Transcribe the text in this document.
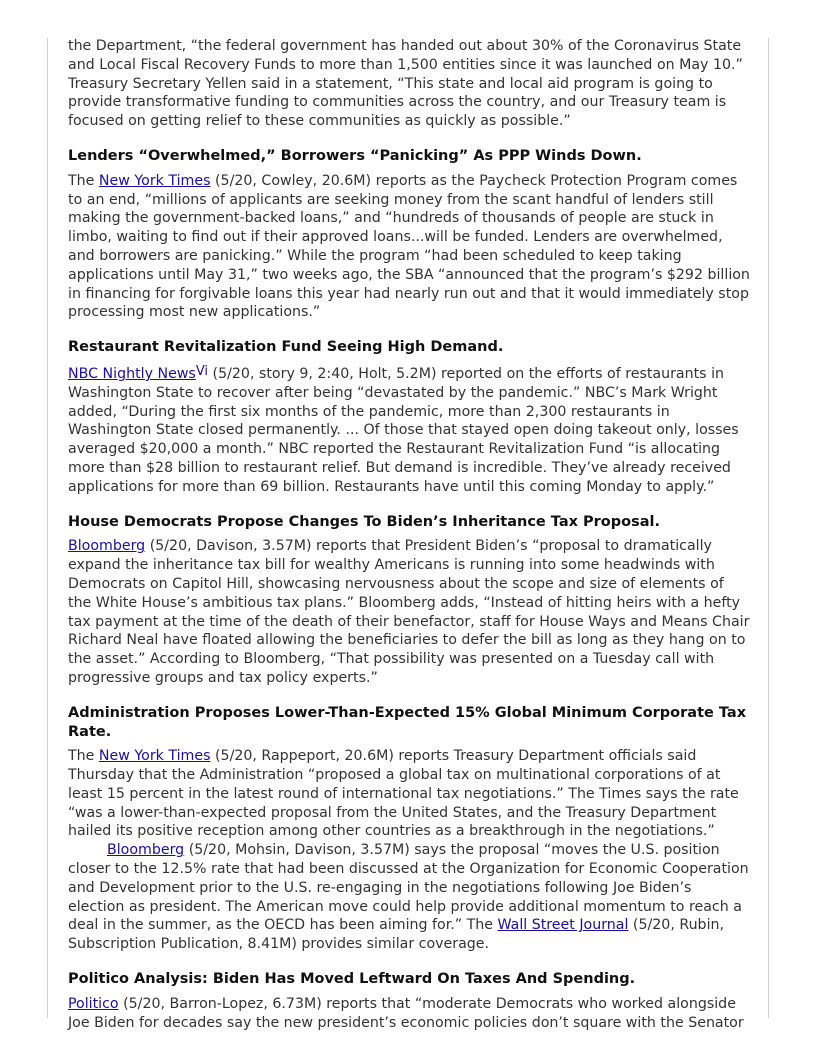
the Department, “the federal government has handed out about 30% of the Coronavirus State and Local Fiscal Recovery Funds to more than 1,500 entities since it was launched on May 10.” Treasury Secretary Yellen said in a statement, “This state and local aid program is going to provide transformative funding to communities across the country, and our Treasury team is focused on getting relief to these communities as quickly as possible.”

Lenders “Overwhelmed,” Borrowers “Panicking” As PPP Winds Down.

The New York Times (5/20, Cowley, 20.6M) reports as the Paycheck Protection Program comes to an end, “millions of applicants are seeking money from the scant handful of lenders still making the government-backed loans,” and “hundreds of thousands of people are stuck in limbo, waiting to find out if their approved loans...will be funded. Lenders are overwhelmed, and borrowers are panicking.” While the program “had been scheduled to keep taking applications until May 31,” two weeks ago, the SBA “announced that the program’s $292 billion in financing for forgivable loans this year had nearly run out and that it would immediately stop processing most new applications.”

Restaurant Revitalization Fund Seeing High Demand.

NBC Nightly NewsVi (5/20, story 9, 2:40, Holt, 5.2M) reported on the efforts of restaurants in Washington State to recover after being “devastated by the pandemic.” NBC’s Mark Wright added, “During the first six months of the pandemic, more than 2,300 restaurants in Washington State closed permanently. ... Of those that stayed open doing takeout only, losses averaged $20,000 a month.” NBC reported the Restaurant Revitalization Fund “is allocating more than $28 billion to restaurant relief. But demand is incredible. They’ve already received applications for more than 69 billion. Restaurants have until this coming Monday to apply.”

House Democrats Propose Changes To Biden’s Inheritance Tax Proposal.

Bloomberg (5/20, Davison, 3.57M) reports that President Biden’s “proposal to dramatically expand the inheritance tax bill for wealthy Americans is running into some headwinds with Democrats on Capitol Hill, showcasing nervousness about the scope and size of elements of the White House’s ambitious tax plans.” Bloomberg adds, “Instead of hitting heirs with a hefty tax payment at the time of the death of their benefactor, staff for House Ways and Means Chair Richard Neal have floated allowing the beneficiaries to defer the bill as long as they hang on to the asset.” According to Bloomberg, “That possibility was presented on a Tuesday call with progressive groups and tax policy experts.”

Administration Proposes Lower-Than-Expected 15% Global Minimum Corporate Tax Rate.

The New York Times (5/20, Rappeport, 20.6M) reports Treasury Department officials said Thursday that the Administration “proposed a global tax on multinational corporations of at least 15 percent in the latest round of international tax negotiations.” The Times says the rate “was a lower-than-expected proposal from the United States, and the Treasury Department hailed its positive reception among other countries as a breakthrough in the negotiations.”

Bloomberg (5/20, Mohsin, Davison, 3.57M) says the proposal “moves the U.S. position closer to the 12.5% rate that had been discussed at the Organization for Economic Cooperation and Development prior to the U.S. re-engaging in the negotiations following Joe Biden’s election as president. The American move could help provide additional momentum to reach a deal in the summer, as the OECD has been aiming for.” The Wall Street Journal (5/20, Rubin, Subscription Publication, 8.41M) provides similar coverage.

Politico Analysis: Biden Has Moved Leftward On Taxes And Spending.

Politico (5/20, Barron-Lopez, 6.73M) reports that “moderate Democrats who worked alongside Joe Biden for decades say the new president’s economic policies don’t square with the Senator
